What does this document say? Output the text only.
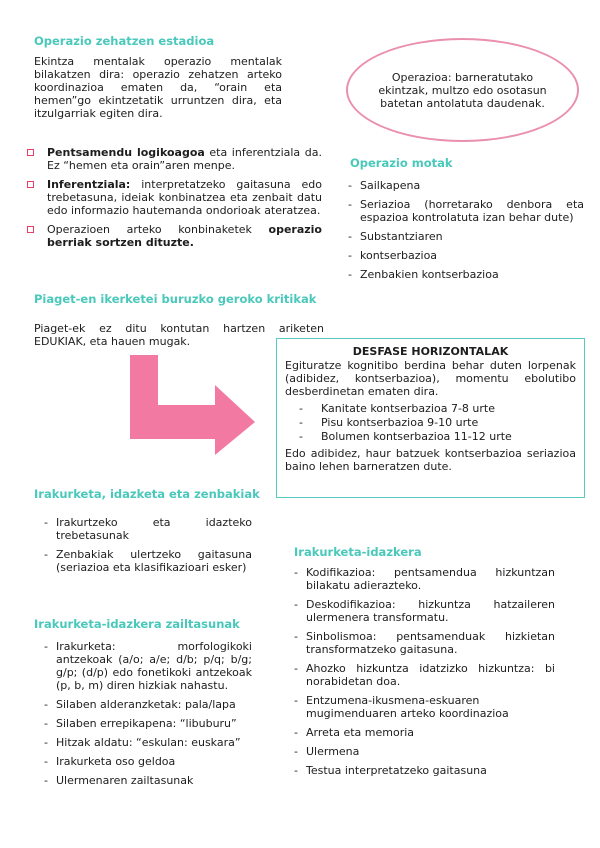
Operazio zehatzen estadioa
Ekintza mentalak operazio mentalak bilakatzen dira: operazio zehatzen arteko koordinazioa ematen da, “orain eta hemen”go ekintzetatik urruntzen dira, eta itzulgarriak egiten dira.
Operazioa: barneratutako ekintzak, multzo edo osotasun batetan antolatuta daudenak.
Pentsamendu logikoagoa eta inferentziala da. Ez “hemen eta orain”aren menpe.
Inferentziala: interpretatzeko gaitasuna edo trebetasuna, ideiak konbinatzea eta zenbait datu edo informazio hautemanda ondorioak ateratzea.
Operazioen arteko konbinaketek operazio berriak sortzen dituzte.
Operazio motak
- Sailkapena
- Seriazioa (horretarako denbora eta espazioa kontrolatuta izan behar dute)
- Substantziaren
- kontserbazioa
- Zenbakien kontserbazioa
Piaget-en ikerketei buruzko geroko kritikak
Piaget-ek ez ditu kontutan hartzen ariketen EDUKIAK, eta hauen mugak.
DESFASE HORIZONTALAK

Egituratze kognitibo berdina behar duten lorpenak (adibidez, kontserbazioa), momentu ebolutibo desberdinetan ematen dira.

- Kanitate kontserbazioa 7-8 urte
- Pisu kontserbazioa 9-10 urte
- Bolumen kontserbazioa 11-12 urte

Edo adibidez, haur batzuek kontserbazioa seriazioa baino lehen barneratzen dute.

Irakurketa, idazketa eta zenbakiak
- Irakurtzeko eta idazteko trebetasunak
- Zenbakiak ulertzeko gaitasuna (seriazioa eta klasifikazioari esker)
Irakurketa-idazkera zailtasunak
- Irakurketa: morfologikoki antzekoak (a/o; a/e; d/b; p/q; b/g; g/p; (d/p) edo fonetikoki antzekoak (p, b, m) diren hizkiak nahastu.
- Silaben alderanzketak: pala/lapa
- Silaben errepikapena: “libuburu”
- Hitzak aldatu: “eskulan: euskara”
- Irakurketa oso geldoa
- Ulermenaren zailtasunak
Irakurketa-idazkera
- Kodifikazioa: pentsamendua hizkuntzan bilakatu adierazteko.
- Deskodifikazioa: hizkuntza hatzaileren ulermenera transformatu.
- Sinbolismoa: pentsamenduak hizkietan transformatzeko gaitasuna.
- Ahozko hizkuntza idatzizko hizkuntza: bi norabidetan doa.
- Entzumena-ikusmena-eskuaren mugimenduaren arteko koordinazioa
- Arreta eta memoria
- Ulermena
- Testua interpretatzeko gaitasuna
